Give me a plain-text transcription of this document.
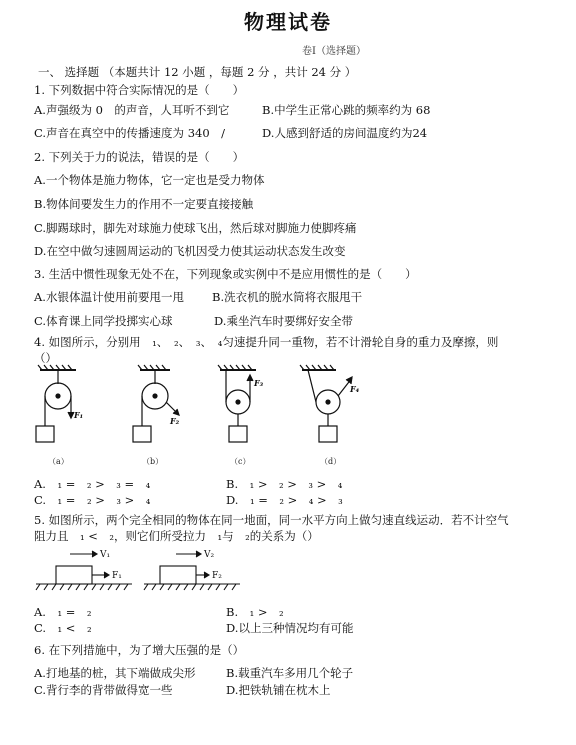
物理试卷
卷Ⅰ（选择题）
一、 选择题 （本题共计 12 小题 ，每题 2 分 ，共计 24 分 ）
1. 下列数据中符合实际情况的是（　　）
A.声强级为 0　的声音，人耳听不到它	B.中学生正常心跳的频率约为 68
C.声音在真空中的传播速度为 340　/	D.人感到舒适的房间温度约为24
2. 下列关于力的说法，错误的是（　　）
A.一个物体是施力物体，它一定也是受力物体
B.物体间要发生力的作用不一定要直接接触
C.脚踢球时，脚先对球施力使球飞出，然后球对脚施力使脚疼痛
D.在空中做匀速圆周运动的飞机因受力使其运动状态发生改变
3. 生活中惯性现象无处不在，下列现象或实例中不是应用惯性的是（　　）
A.水银体温计使用前要甩一甩 B.洗衣机的脱水筒将衣服甩干
C.体育课上同学投掷实心球	D.乘坐汽车时要绑好安全带
4. 如图所示，分别用　₁、　₂、　₃、　₄匀速提升同一重物，若不计滑轮自身的重力及摩擦，则
（）
F₁
F₂
F₃
F₄
（a）	（b）	（c）	（d）
A.　₁ =　₂ >　₃ =　₄	B.　₁ >　₂ >　₃ >　₄
C.　₁ =　₂ >　₃ >　₄	D.　₁ =　₂ >　₄ >　₃
5. 如图所示，两个完全相同的物体在同一地面，同一水平方向上做匀速直线运动．若不计空气
阻力且　₁ <　₂，则它们所受拉力　₁与　₂的关系为（）
V₁
F₁
V₂
F₂
A.　₁ =　₂	B.　₁ >　₂
C.　₁ <　₂	D.以上三种情况均有可能
6. 在下列措施中，为了增大压强的是（）
A.打地基的桩，其下端做成尖形	B.载重汽车多用几个轮子
C.背行李的背带做得宽一些	D.把铁轨铺在枕木上
